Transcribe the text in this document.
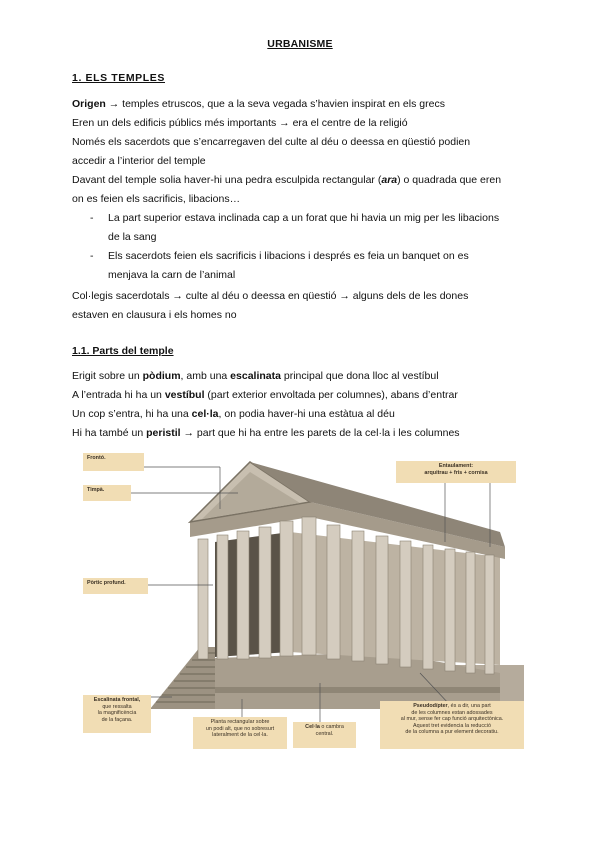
URBANISME
1. ELS TEMPLES
Origen → temples etruscos, que a la seva vegada s’havien inspirat en els grecs
Eren un dels edificis públics més importants → era el centre de la religió
Només els sacerdots que s’encarregaven del culte al déu o deessa en qüestió podien
accedir a l’interior del temple
Davant del temple solia haver-hi una pedra esculpida rectangular (ara) o quadrada que eren
on es feien els sacrificis, libacions…
- La part superior estava inclinada cap a un forat que hi havia un mig per les libacions
de la sang
- Els sacerdots feien els sacrificis i libacions i després es feia un banquet on es
menjava la carn de l’animal
Col·legis sacerdotals → culte al déu o deessa en qüestió → alguns dels de les dones
estaven en clausura i els homes no
1.1. Parts del temple
Erigit sobre un pòdium, amb una escalinata principal que dona lloc al vestíbul
A l’entrada hi ha un vestíbul (part exterior envoltada per columnes), abans d’entrar
Un cop s’entra, hi ha una cel·la, on podia haver-hi una estàtua al déu
Hi ha també un peristil → part que hi ha entre les parets de la cel·la i les columnes
Frontó.
Timpà.
Pòrtic profund.
Entaulament:
arquitrau + fris + cornisa
Escalinata frontal,
que ressalta
la magnificència
de la façana.	Planta rectangular sobre
un podi alt, que no sobresurt
lateralment de la cel·la.
Cel·la o cambra
central.
Pseudodípter, és a dir, una part
de les columnes estan adossades
al mur, sense fer cap funció arquitectònica.
Aquest tret evidencia la reducció
de la columna a pur element decoratiu.
